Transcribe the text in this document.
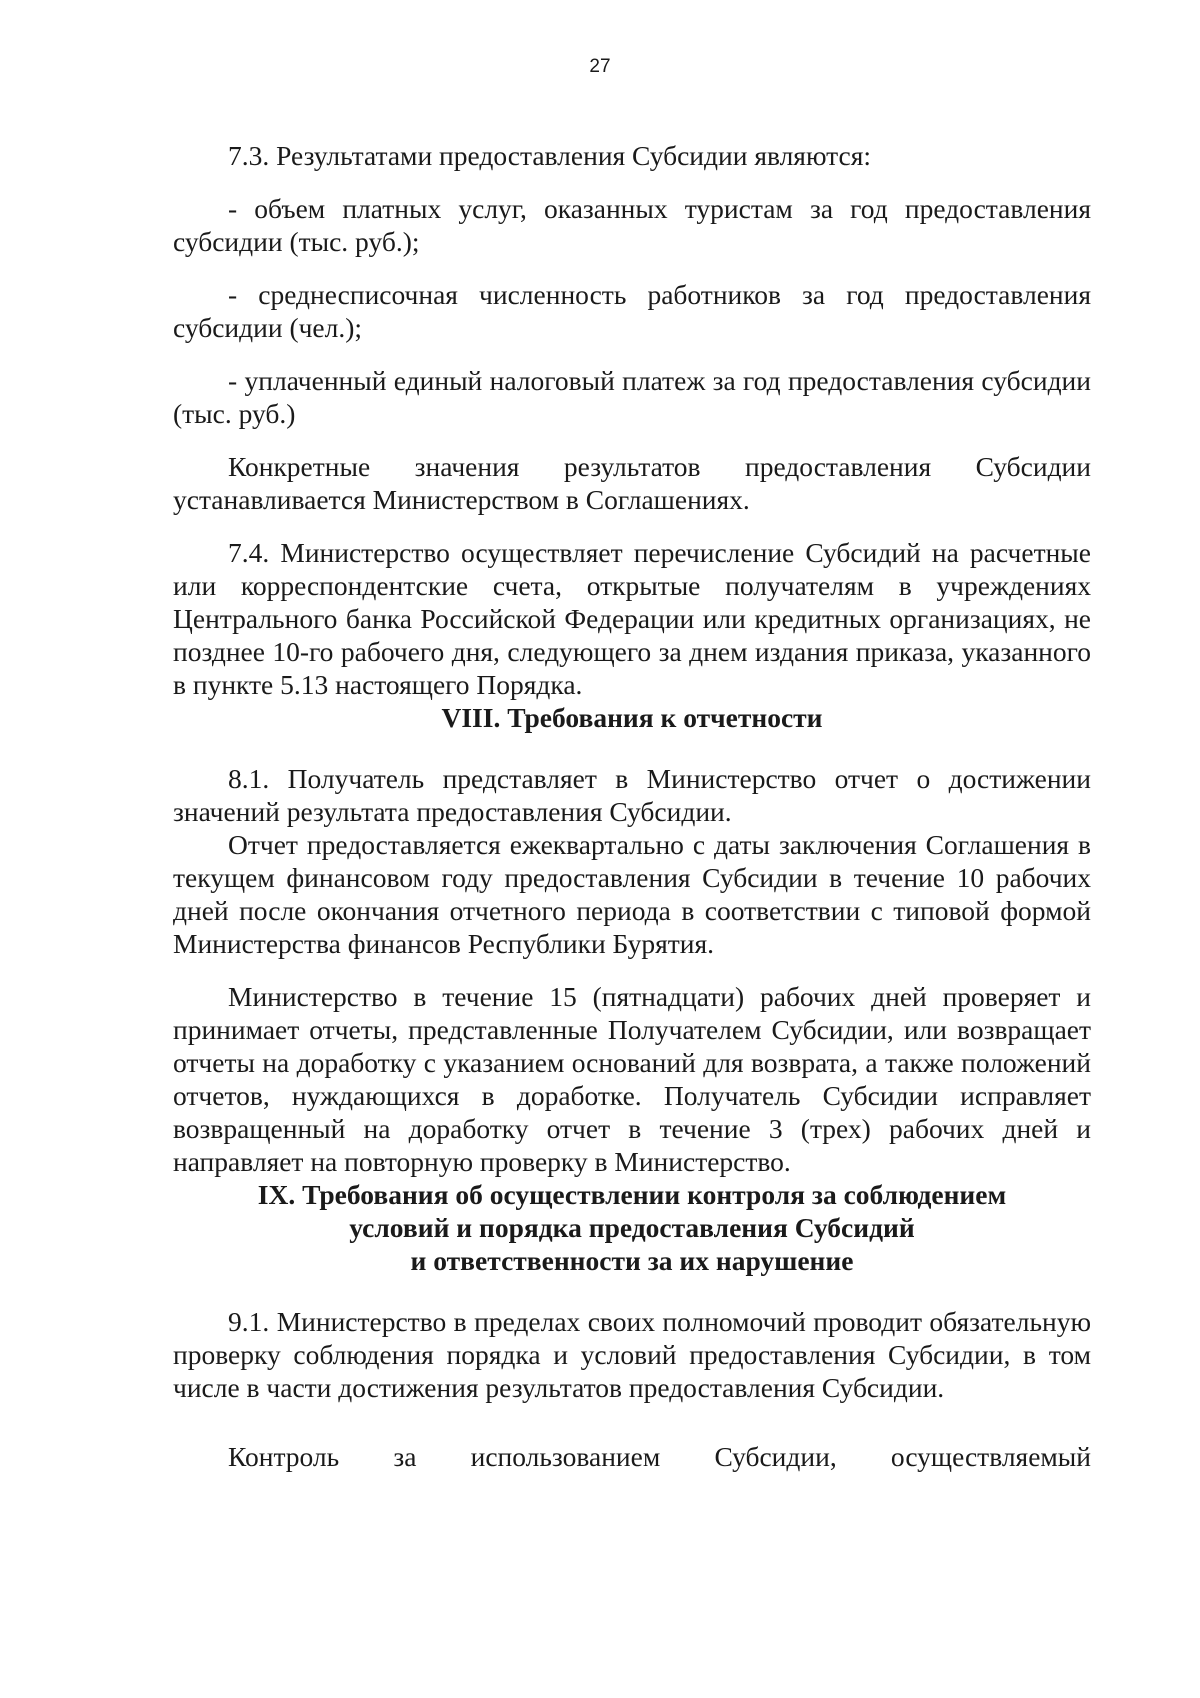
27

7.3. Результатами предоставления Субсидии являются:

- объем платных услуг, оказанных туристам за год предоставления субсидии (тыс. руб.);

- среднесписочная численность работников за год предоставления субсидии (чел.);

- уплаченный единый налоговый платеж за год предоставления субсидии (тыс. руб.)

Конкретные значения результатов предоставления Субсидии устанавливается Министерством в Соглашениях.

7.4. Министерство осуществляет перечисление Субсидий на расчетные или корреспондентские счета, открытые получателям в учреждениях Центрального банка Российской Федерации или кредитных организациях, не позднее 10-го рабочего дня, следующего за днем издания приказа, указанного в пункте 5.13 настоящего Порядка.

VIII. Требования к отчетности

8.1. Получатель представляет в Министерство отчет о достижении значений результата предоставления Субсидии.

Отчет предоставляется ежеквартально с даты заключения Соглашения в текущем финансовом году предоставления Субсидии в течение 10 рабочих дней после окончания отчетного периода в соответствии с типовой формой Министерства финансов Республики Бурятия.

Министерство в течение 15 (пятнадцати) рабочих дней проверяет и принимает отчеты, представленные Получателем Субсидии, или возвращает отчеты на доработку с указанием оснований для возврата, а также положений отчетов, нуждающихся в доработке. Получатель Субсидии исправляет возвращенный на доработку отчет в течение 3 (трех) рабочих дней и направляет на повторную проверку в Министерство.

IX. Требования об осуществлении контроля за соблюдением
условий и порядка предоставления Субсидий
и ответственности за их нарушение

9.1. Министерство в пределах своих полномочий проводит обязательную проверку соблюдения порядка и условий предоставления Субсидии, в том числе в части достижения результатов предоставления Субсидии.

Контроль за использованием Субсидии, осуществляемый
